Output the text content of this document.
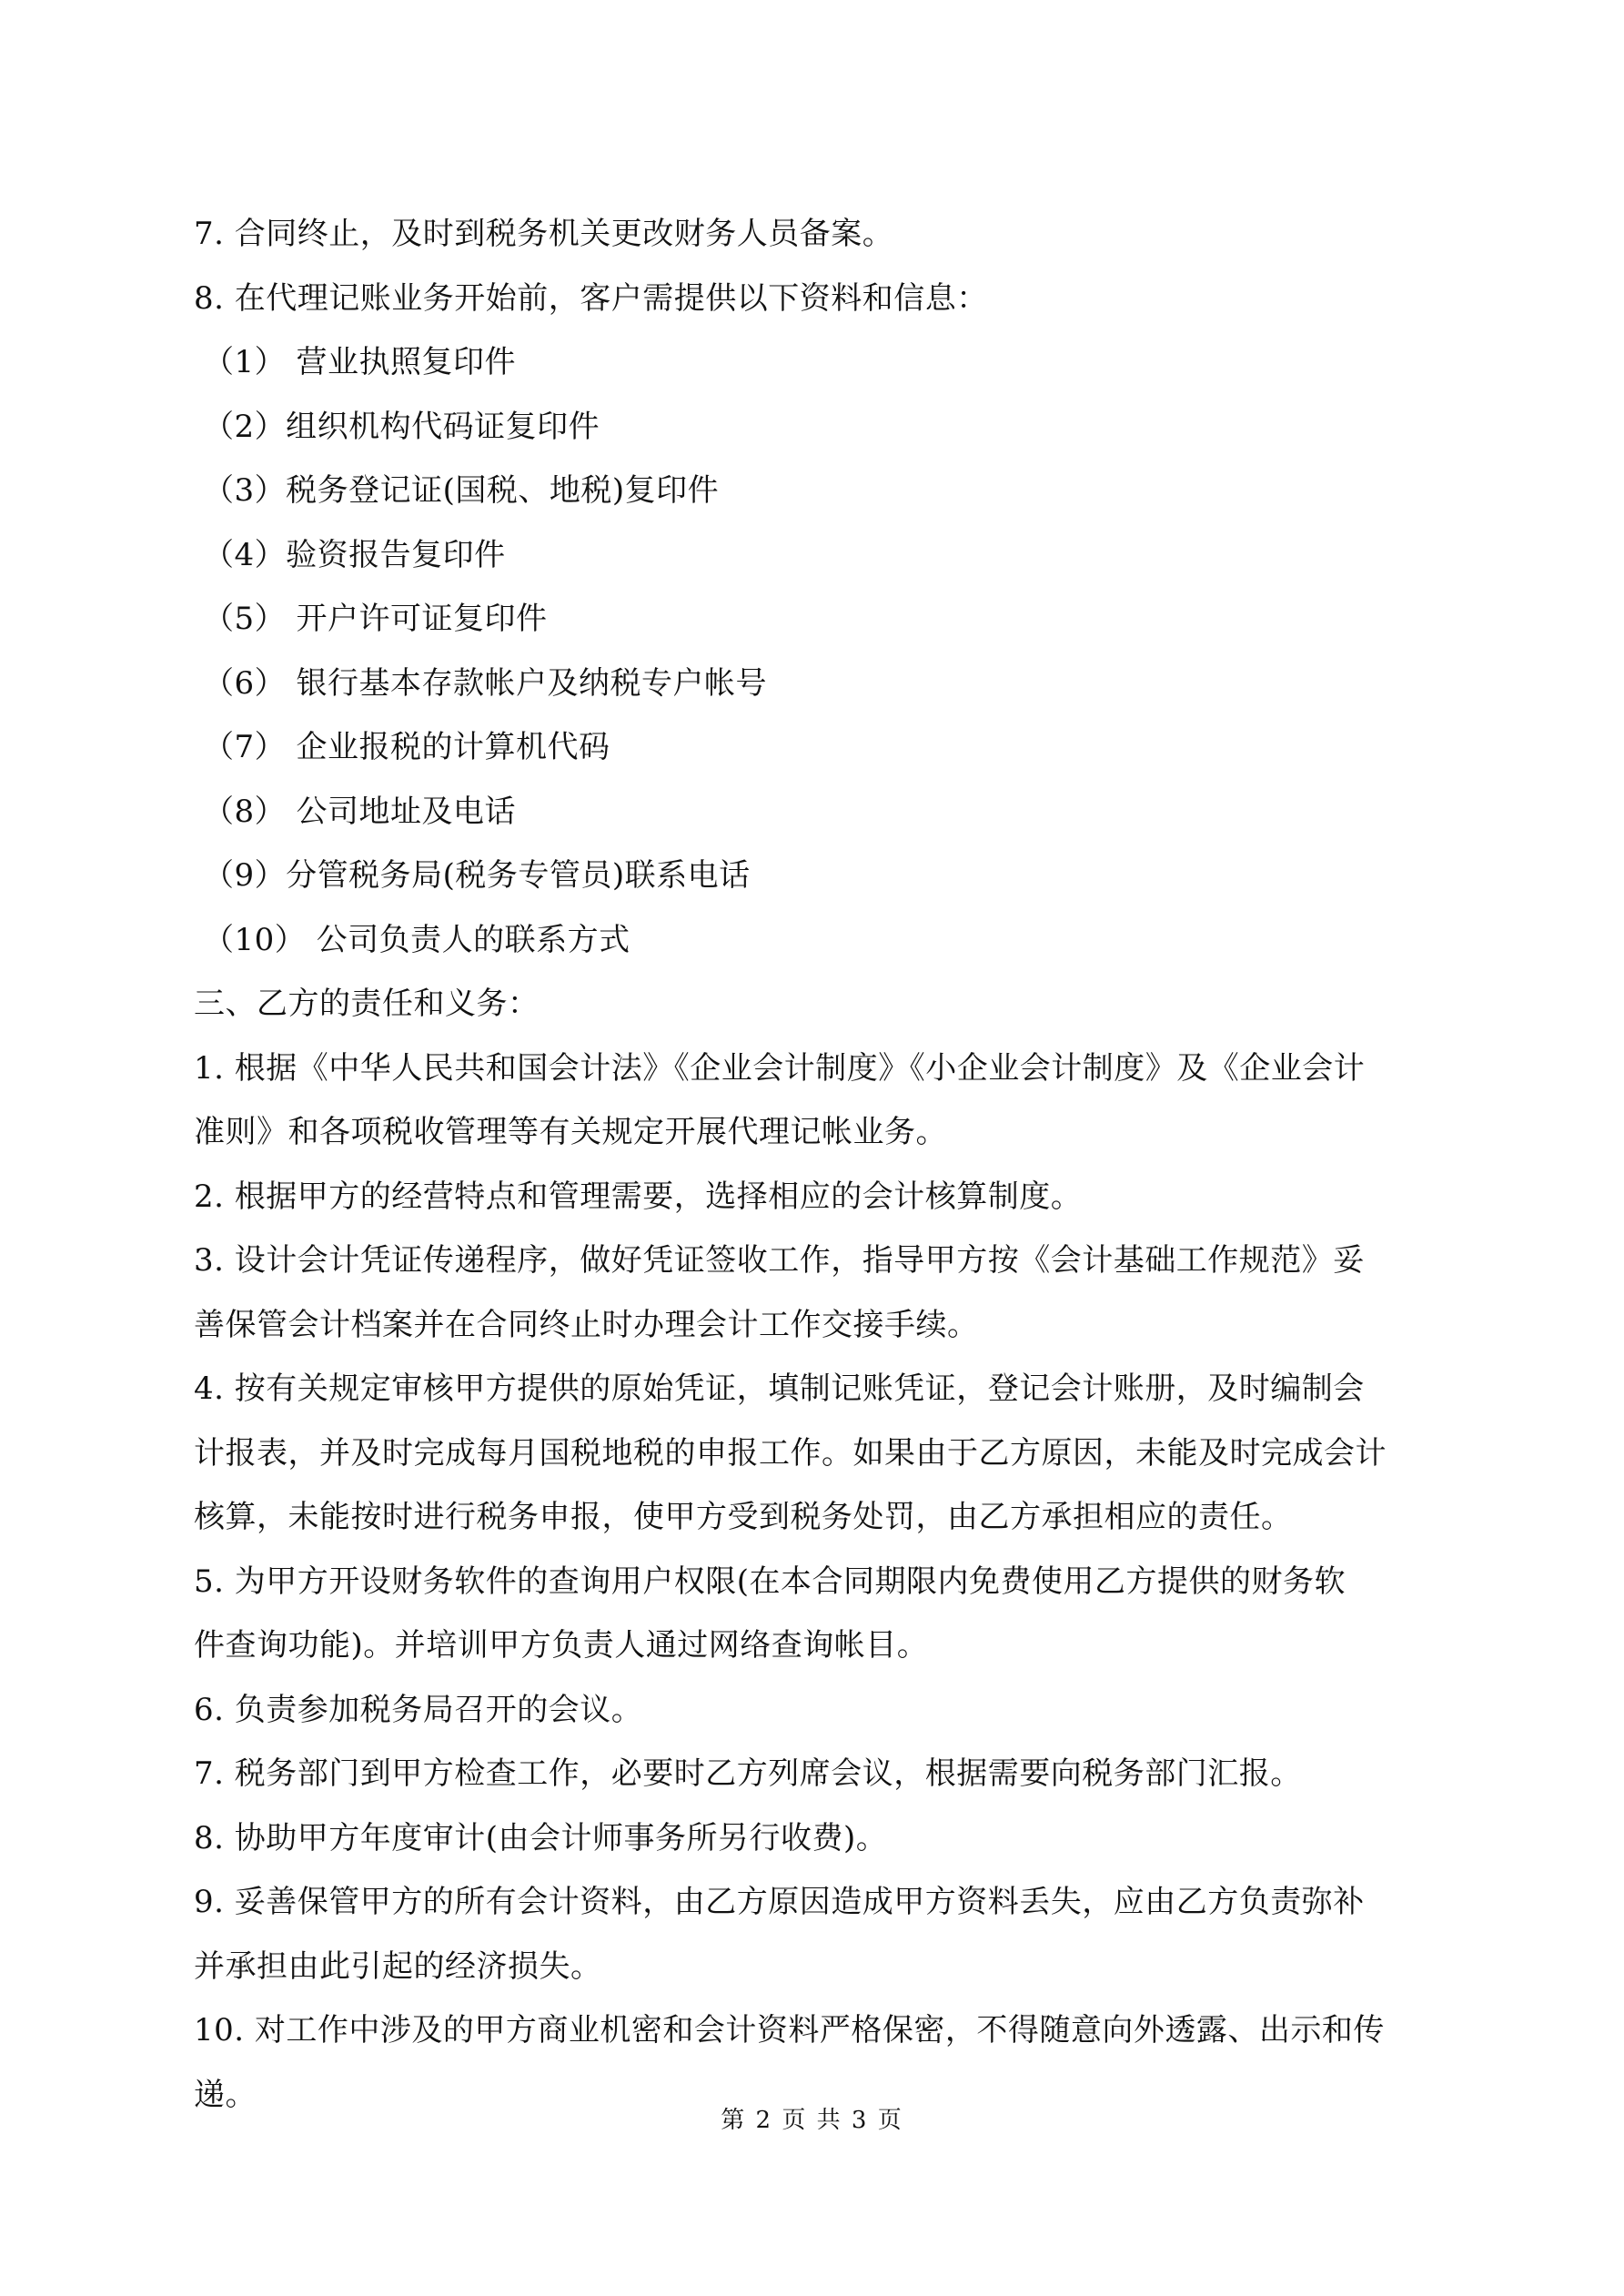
7. 合同终止，及时到税务机关更改财务人员备案。
8. 在代理记账业务开始前，客户需提供以下资料和信息：
（1） 营业执照复印件
（2）组织机构代码证复印件
（3）税务登记证(国税、地税)复印件
（4）验资报告复印件
（5） 开户许可证复印件
（6） 银行基本存款帐户及纳税专户帐号
（7） 企业报税的计算机代码
（8） 公司地址及电话
（9）分管税务局(税务专管员)联系电话
（10） 公司负责人的联系方式
三、乙方的责任和义务：
1. 根据《中华人民共和国会计法》《企业会计制度》《小企业会计制度》及《企业会计
准则》和各项税收管理等有关规定开展代理记帐业务。
2. 根据甲方的经营特点和管理需要，选择相应的会计核算制度。
3. 设计会计凭证传递程序，做好凭证签收工作，指导甲方按《会计基础工作规范》妥
善保管会计档案并在合同终止时办理会计工作交接手续。
4. 按有关规定审核甲方提供的原始凭证，填制记账凭证，登记会计账册，及时编制会
计报表，并及时完成每月国税地税的申报工作。如果由于乙方原因，未能及时完成会计
核算，未能按时进行税务申报，使甲方受到税务处罚，由乙方承担相应的责任。
5. 为甲方开设财务软件的查询用户权限(在本合同期限内免费使用乙方提供的财务软
件查询功能)。并培训甲方负责人通过网络查询帐目。
6. 负责参加税务局召开的会议。
7. 税务部门到甲方检查工作，必要时乙方列席会议，根据需要向税务部门汇报。
8. 协助甲方年度审计(由会计师事务所另行收费)。
9. 妥善保管甲方的所有会计资料，由乙方原因造成甲方资料丢失，应由乙方负责弥补
并承担由此引起的经济损失。
10. 对工作中涉及的甲方商业机密和会计资料严格保密，不得随意向外透露、出示和传
递。
第 2 页 共 3 页
